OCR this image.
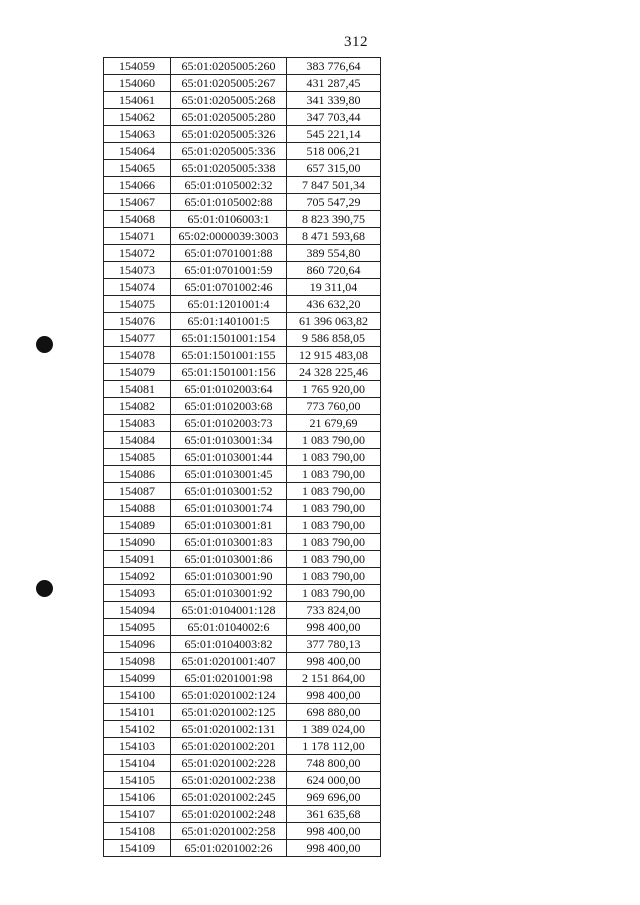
312
154059	65:01:0205005:260	383 776,64
154060	65:01:0205005:267	431 287,45
154061	65:01:0205005:268	341 339,80
154062	65:01:0205005:280	347 703,44
154063	65:01:0205005:326	545 221,14
154064	65:01:0205005:336	518 006,21
154065	65:01:0205005:338	657 315,00
154066	65:01:0105002:32	7 847 501,34
154067	65:01:0105002:88	705 547,29
154068	65:01:0106003:1	8 823 390,75
154071	65:02:0000039:3003	8 471 593,68
154072	65:01:0701001:88	389 554,80
154073	65:01:0701001:59	860 720,64
154074	65:01:0701002:46	19 311,04
154075	65:01:1201001:4	436 632,20
154076	65:01:1401001:5	61 396 063,82
154077	65:01:1501001:154	9 586 858,05
154078	65:01:1501001:155	12 915 483,08
154079	65:01:1501001:156	24 328 225,46
154081	65:01:0102003:64	1 765 920,00
154082	65:01:0102003:68	773 760,00
154083	65:01:0102003:73	21 679,69
154084	65:01:0103001:34	1 083 790,00
154085	65:01:0103001:44	1 083 790,00
154086	65:01:0103001:45	1 083 790,00
154087	65:01:0103001:52	1 083 790,00
154088	65:01:0103001:74	1 083 790,00
154089	65:01:0103001:81	1 083 790,00
154090	65:01:0103001:83	1 083 790,00
154091	65:01:0103001:86	1 083 790,00
154092	65:01:0103001:90	1 083 790,00
154093	65:01:0103001:92	1 083 790,00
154094	65:01:0104001:128	733 824,00
154095	65:01:0104002:6	998 400,00
154096	65:01:0104003:82	377 780,13
154098	65:01:0201001:407	998 400,00
154099	65:01:0201001:98	2 151 864,00
154100	65:01:0201002:124	998 400,00
154101	65:01:0201002:125	698 880,00
154102	65:01:0201002:131	1 389 024,00
154103	65:01:0201002:201	1 178 112,00
154104	65:01:0201002:228	748 800,00
154105	65:01:0201002:238	624 000,00
154106	65:01:0201002:245	969 696,00
154107	65:01:0201002:248	361 635,68
154108	65:01:0201002:258	998 400,00
154109	65:01:0201002:26	998 400,00
